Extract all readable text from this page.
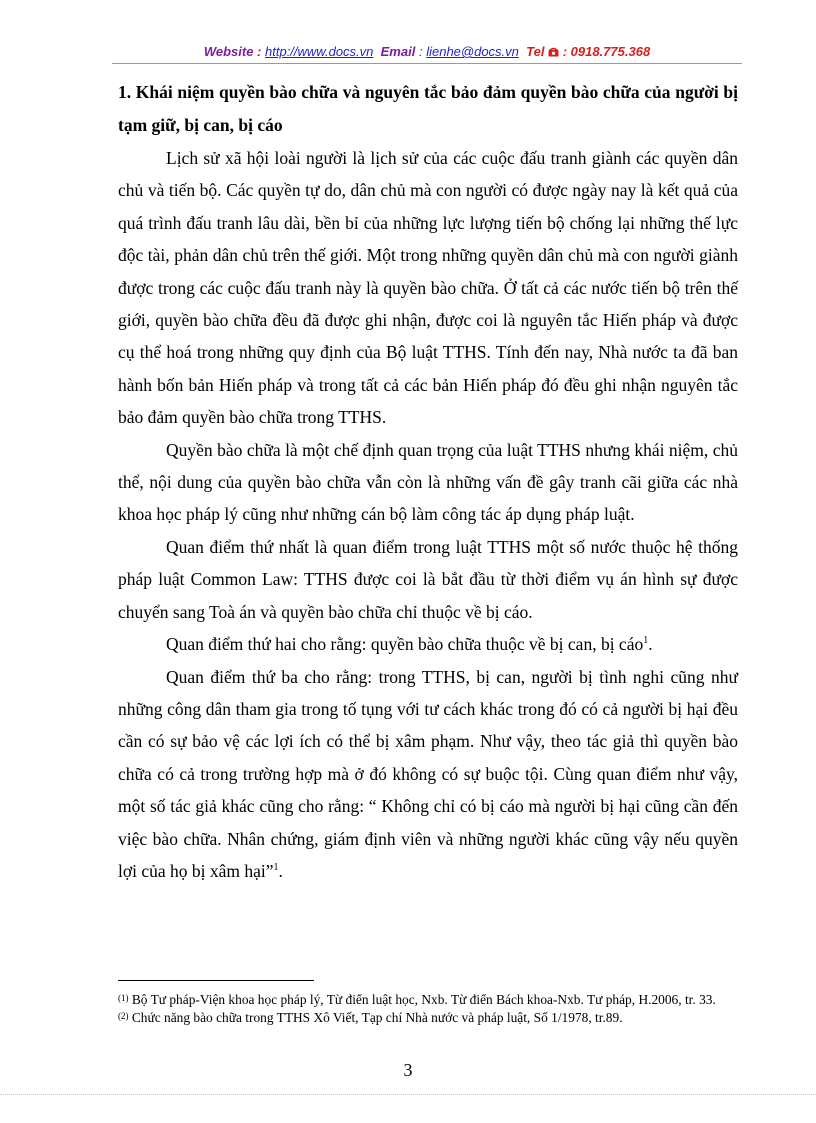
Website : http://www.docs.vn Email : lienhe@docs.vn Tel : 0918.775.368
1. Khái niệm quyền bào chữa và nguyên tắc bảo đảm quyền bào chữa của người bị tạm giữ, bị can, bị cáo

Lịch sử xã hội loài người là lịch sử của các cuộc đấu tranh giành các quyền dân chủ và tiến bộ. Các quyền tự do, dân chủ mà con người có được ngày nay là kết quả của quá trình đấu tranh lâu dài, bền bỉ của những lực lượng tiến bộ chống lại những thế lực độc tài, phản dân chủ trên thế giới. Một trong những quyền dân chủ mà con người giành được trong các cuộc đấu tranh này là quyền bào chữa. Ở tất cả các nước tiến bộ trên thế giới, quyền bào chữa đều đã được ghi nhận, được coi là nguyên tắc Hiến pháp và được cụ thể hoá trong những quy định của Bộ luật TTHS. Tính đến nay, Nhà nước ta đã ban hành bốn bản Hiến pháp và trong tất cả các bản Hiến pháp đó đều ghi nhận nguyên tắc bảo đảm quyền bào chữa trong TTHS.

Quyền bào chữa là một chế định quan trọng của luật TTHS nhưng khái niệm, chủ thể, nội dung của quyền bào chữa vẫn còn là những vấn đề gây tranh cãi giữa các nhà khoa học pháp lý cũng như những cán bộ làm công tác áp dụng pháp luật.

Quan điểm thứ nhất là quan điểm trong luật TTHS một số nước thuộc hệ thống pháp luật Common Law: TTHS được coi là bắt đầu từ thời điểm vụ án hình sự được chuyển sang Toà án và quyền bào chữa chỉ thuộc về bị cáo.

Quan điểm thứ hai cho rằng: quyền bào chữa thuộc về bị can, bị cáo$^1$.

Quan điểm thứ ba cho rằng: trong TTHS, bị can, người bị tình nghi cũng như những công dân tham gia trong tố tụng với tư cách khác trong đó có cả người bị hại đều cần có sự bảo vệ các lợi ích có thể bị xâm phạm. Như vậy, theo tác giả thì quyền bào chữa có cả trong trường hợp mà ở đó không có sự buộc tội. Cùng quan điểm như vậy, một số tác giả khác cũng cho rằng: “ Không chỉ có bị cáo mà người bị hại cũng cần đến việc bào chữa. Nhân chứng, giám định viên và những người khác cũng vậy nếu quyền lợi của họ bị xâm hại”$^1$.

$^{(1)}$ Bộ Tư pháp-Viện khoa học pháp lý, Từ điển luật học, Nxb. Từ điển Bách khoa-Nxb. Tư pháp, H.2006, tr. 33.

$^{(2)}$ Chức năng bào chữa trong TTHS Xô Viết, Tạp chí Nhà nước và pháp luật, Số 1/1978, tr.89.

3
